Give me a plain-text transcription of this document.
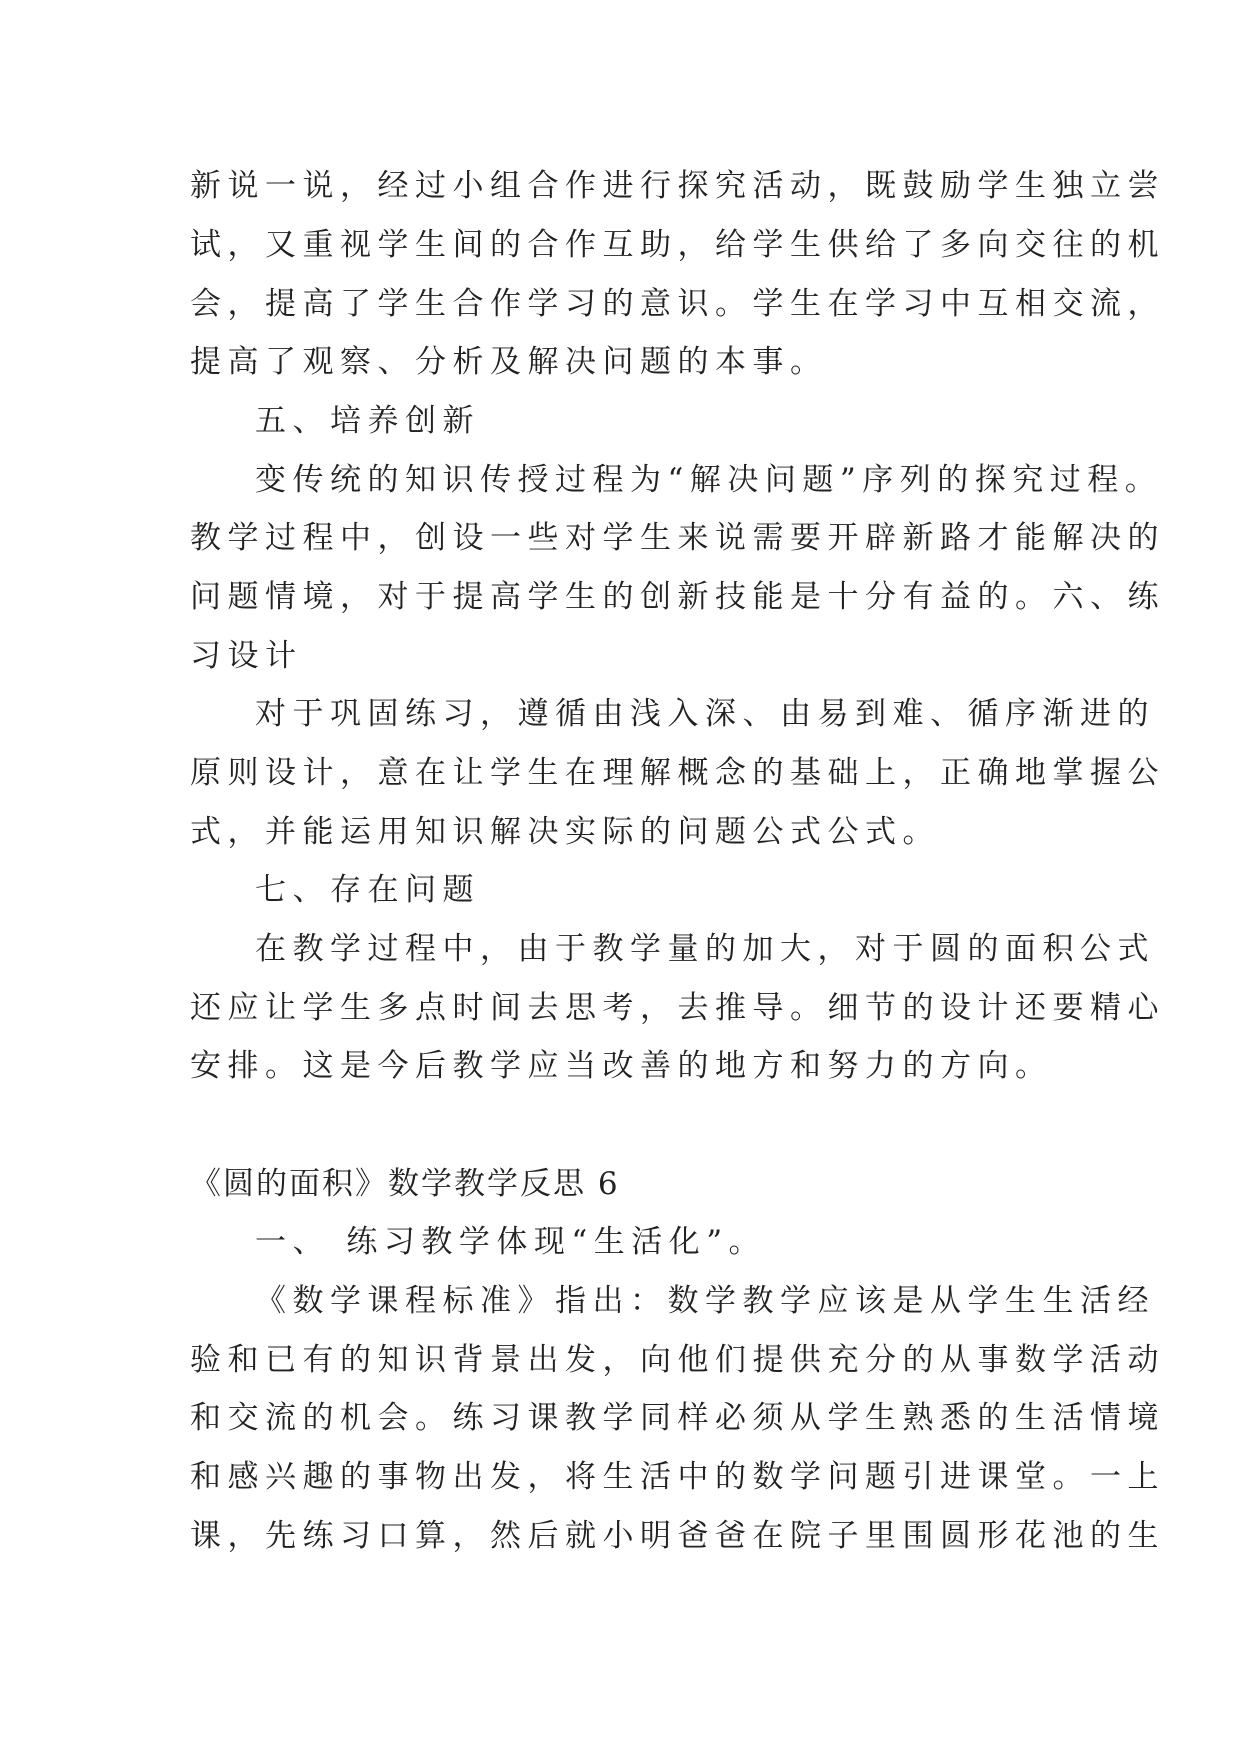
新说一说，经过小组合作进行探究活动，既鼓励学生独立尝
试，又重视学生间的合作互助，给学生供给了多向交往的机
会，提高了学生合作学习的意识。学生在学习中互相交流，
提高了观察、分析及解决问题的本事。
五、培养创新
变传统的知识传授过程为“解决问题”序列的探究过程。
教学过程中，创设一些对学生来说需要开辟新路才能解决的
问题情境，对于提高学生的创新技能是十分有益的。六、练
习设计
对于巩固练习，遵循由浅入深、由易到难、循序渐进的
原则设计，意在让学生在理解概念的基础上，正确地掌握公
式，并能运用知识解决实际的问题公式公式。
七、存在问题
在教学过程中，由于教学量的加大，对于圆的面积公式
还应让学生多点时间去思考，去推导。细节的设计还要精心
安排。这是今后教学应当改善的地方和努力的方向。
《圆的面积》数学教学反思 6
一、 练习教学体现“生活化”。
《数学课程标准》指出：数学教学应该是从学生生活经
验和已有的知识背景出发，向他们提供充分的从事数学活动
和交流的机会。练习课教学同样必须从学生熟悉的生活情境
和感兴趣的事物出发，将生活中的数学问题引进课堂。一上
课，先练习口算，然后就小明爸爸在院子里围圆形花池的生
